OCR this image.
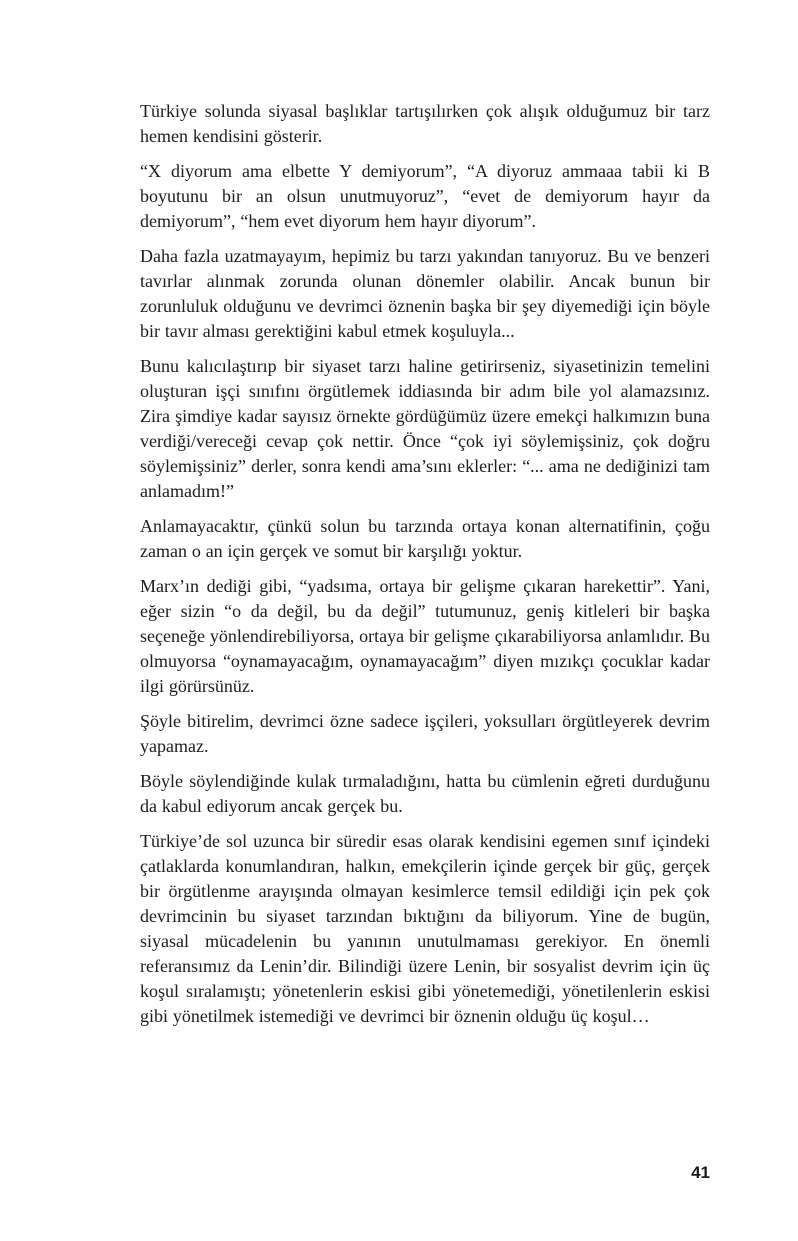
Türkiye solunda siyasal başlıklar tartışılırken çok alışık olduğumuz bir tarz hemen kendisini gösterir.

“X diyorum ama elbette Y demiyorum”, “A diyoruz ammaaa tabii ki B boyutunu bir an olsun unutmuyoruz”, “evet de demiyorum hayır da demiyorum”, “hem evet diyorum hem hayır diyorum”.

Daha fazla uzatmayayım, hepimiz bu tarzı yakından tanıyoruz. Bu ve benzeri tavırlar alınmak zorunda olunan dönemler olabilir. Ancak bunun bir zorunluluk olduğunu ve devrimci öznenin başka bir şey diyemediği için böyle bir tavır alması gerektiğini kabul etmek koşuluyla...

Bunu kalıcılaştırıp bir siyaset tarzı haline getirirseniz, siyasetinizin temelini oluşturan işçi sınıfını örgütlemek iddiasında bir adım bile yol alamazsınız. Zira şimdiye kadar sayısız örnekte gördüğümüz üzere emekçi halkımızın buna verdiği/vereceği cevap çok nettir. Önce “çok iyi söylemişsiniz, çok doğru söylemişsiniz” derler, sonra kendi ama’sını eklerler: “... ama ne dediğinizi tam anlamadım!”

Anlamayacaktır, çünkü solun bu tarzında ortaya konan alternatifinin, çoğu zaman o an için gerçek ve somut bir karşılığı yoktur.

Marx’ın dediği gibi, “yadsıma, ortaya bir gelişme çıkaran harekettir”. Yani, eğer sizin “o da değil, bu da değil” tutumunuz, geniş kitleleri bir başka seçeneğe yönlendirebiliyorsa, ortaya bir gelişme çıkarabiliyorsa anlamlıdır. Bu olmuyorsa “oynamayacağım, oynamayacağım” diyen mızıkçı çocuklar kadar ilgi görürsünüz.

Şöyle bitirelim, devrimci özne sadece işçileri, yoksulları örgütleyerek devrim yapamaz.

Böyle söylendiğinde kulak tırmaladığını, hatta bu cümlenin eğreti durduğunu da kabul ediyorum ancak gerçek bu.

Türkiye’de sol uzunca bir süredir esas olarak kendisini egemen sınıf içindeki çatlaklarda konumlandıran, halkın, emekçilerin içinde gerçek bir güç, gerçek bir örgütlenme arayışında olmayan kesimlerce temsil edildiği için pek çok devrimcinin bu siyaset tarzından bıktığını da biliyorum. Yine de bugün, siyasal mücadelenin bu yanının unutulmaması gerekiyor. En önemli referansımız da Lenin’dir. Bilindiği üzere Lenin, bir sosyalist devrim için üç koşul sıralamıştı; yönetenlerin eskisi gibi yönetemediği, yönetilenlerin eskisi gibi yönetilmek istemediği ve devrimci bir öznenin olduğu üç koşul…

41
